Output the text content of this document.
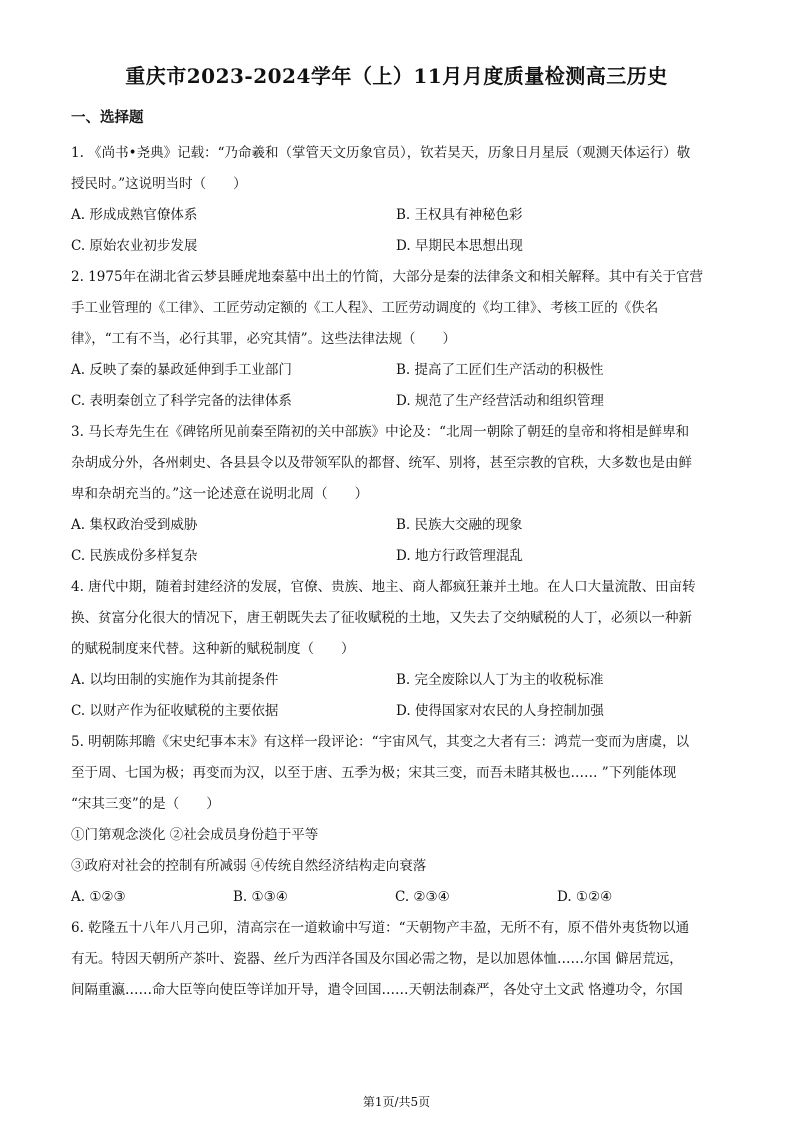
重庆市2023-2024学年（上）11月月度质量检测高三历史
一、选择题

1. 《尚书•尧典》记载：“乃命羲和（掌管天文历象官员），钦若昊天，历象日月星辰（观测天体运行）敬

授民时。”这说明当时（　　）

A. 形成成熟官僚体系	B. 王权具有神秘色彩
C. 原始农业初步发展	D. 早期民本思想出现

2. 1975年在湖北省云梦县睡虎地秦墓中出土的竹简，大部分是秦的法律条文和相关解释。其中有关于官营

手工业管理的《工律》、工匠劳动定额的《工人程》、工匠劳动调度的《均工律》、考核工匠的《佚名

律》，“工有不当，必行其罪，必究其情”。这些法律法规（　　）

A. 反映了秦的暴政延伸到手工业部门	B. 提高了工匠们生产活动的积极性
C. 表明秦创立了科学完备的法律体系	D. 规范了生产经营活动和组织管理

3. 马长寿先生在《碑铭所见前秦至隋初的关中部族》中论及：“北周一朝除了朝廷的皇帝和将相是鲜卑和

杂胡成分外，各州刺史、各县县令以及带领军队的都督、统军、别将，甚至宗教的官秩，大多数也是由鲜

卑和杂胡充当的。”这一论述意在说明北周（　　）

A. 集权政治受到威胁	B. 民族大交融的现象
C. 民族成份多样复杂	D. 地方行政管理混乱

4. 唐代中期，随着封建经济的发展，官僚、贵族、地主、商人都疯狂兼并土地。在人口大量流散、田亩转

换、贫富分化很大的情况下，唐王朝既失去了征收赋税的土地，又失去了交纳赋税的人丁，必须以一种新

的赋税制度来代替。这种新的赋税制度（　　）

A. 以均田制的实施作为其前提条件	B. 完全废除以人丁为主的收税标准
C. 以财产作为征收赋税的主要依据	D. 使得国家对农民的人身控制加强

5. 明朝陈邦瞻《宋史纪事本末》有这样一段评论：“宇宙风气，其变之大者有三：鸿荒一变而为唐虞，以

至于周、七国为极；再变而为汉，以至于唐、五季为极；宋其三变，而吾未睹其极也…… ”下列能体现

“宋其三变”的是（　　）

①门第观念淡化 ②社会成员身份趋于平等

③政府对社会的控制有所减弱 ④传统自然经济结构走向衰落

A. ①②③	B. ①③④	C. ②③④	D. ①②④

6. 乾隆五十八年八月己卯，清高宗在一道敕谕中写道：“天朝物产丰盈，无所不有，原不借外夷货物以通

有无。特因天朝所产茶叶、瓷器、丝斤为西洋各国及尔国必需之物，是以加恩体恤……尔国 僻居荒远，

间隔重瀛……命大臣等向使臣等详加开导，遣令回国……天朝法制森严，各处守土文武 恪遵功令，尔国

第1页/共5页
